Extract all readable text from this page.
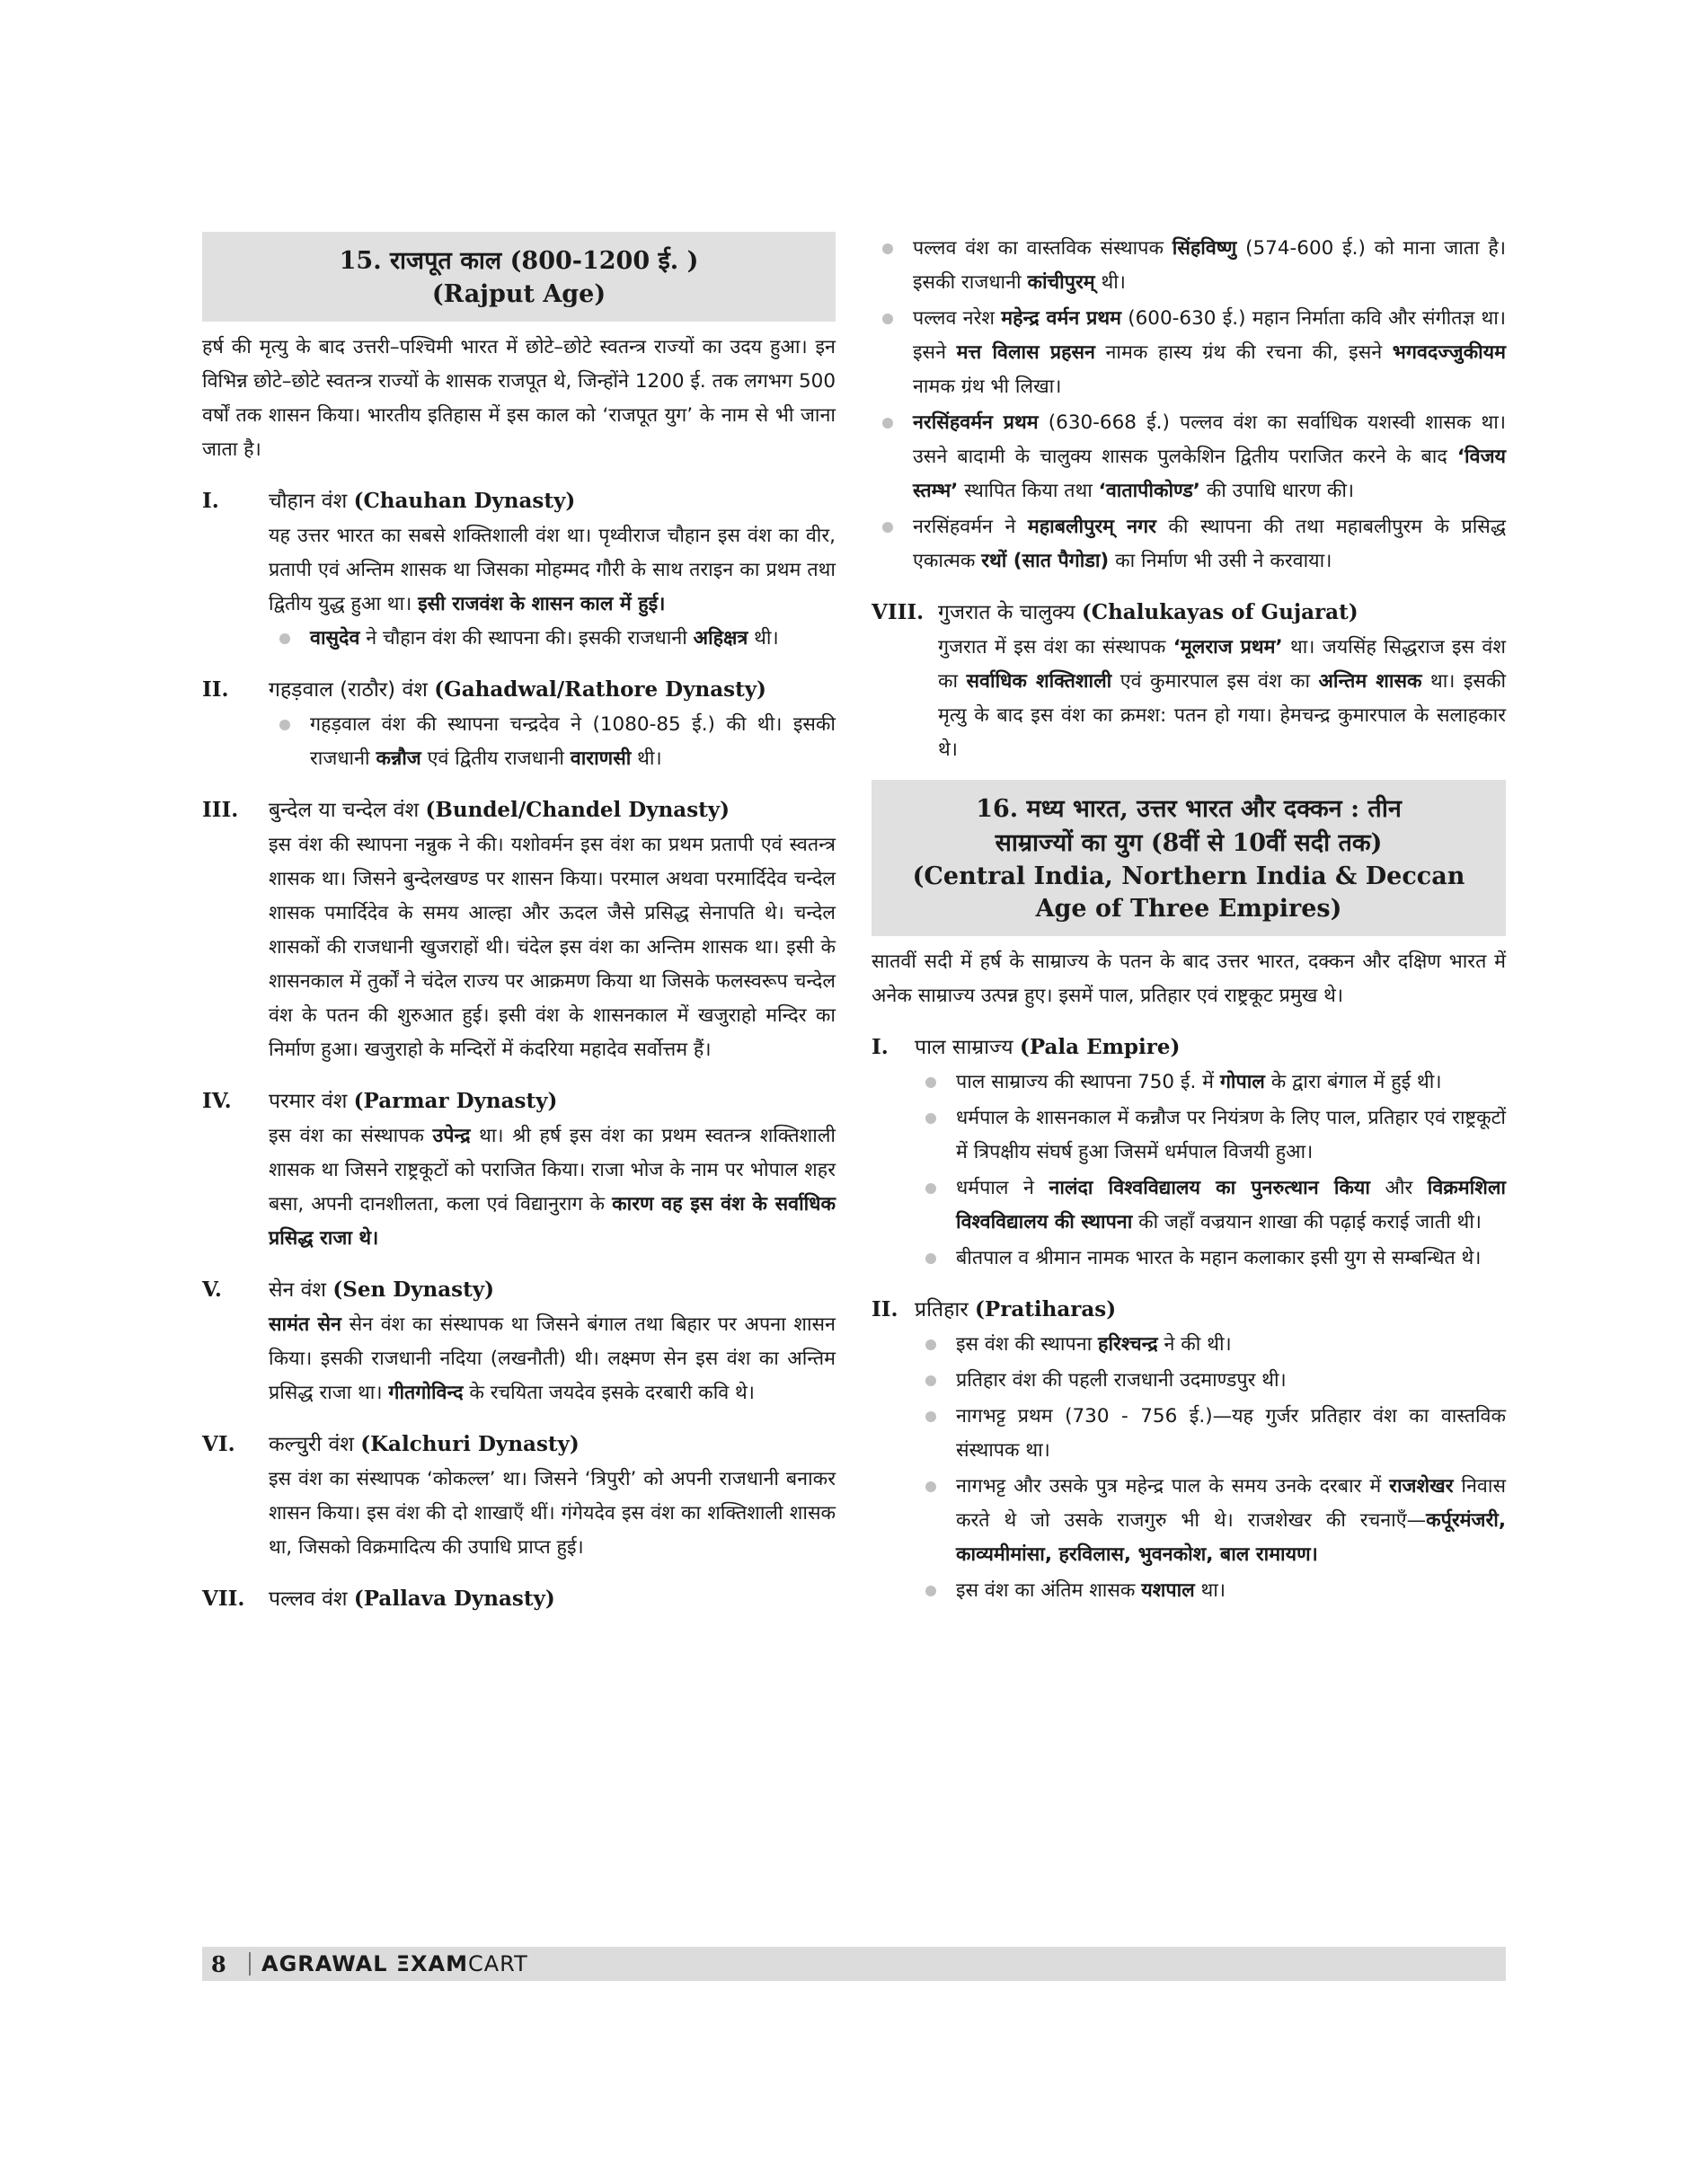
15. राजपूत काल (800-1200 ई. )
(Rajput Age)

हर्ष की मृत्यु के बाद उत्तरी–पश्चिमी भारत में छोटे–छोटे स्वतन्त्र राज्यों का उदय हुआ। इन विभिन्न छोटे–छोटे स्वतन्त्र राज्यों के शासक राजपूत थे, जिन्होंने 1200 ई. तक लगभग 500 वर्षों तक शासन किया। भारतीय इतिहास में इस काल को ‘राजपूत युग’ के नाम से भी जाना जाता है।

I.	चौहान वंश (Chauhan Dynasty)

यह उत्तर भारत का सबसे शक्तिशाली वंश था। पृथ्वीराज चौहान इस वंश का वीर, प्रतापी एवं अन्तिम शासक था जिसका मोहम्मद गौरी के साथ तराइन का प्रथम तथा द्वितीय युद्ध हुआ था। इसी राजवंश के शासन काल में हुई।

वासुदेव ने चौहान वंश की स्थापना की। इसकी राजधानी अहिक्षत्र थी।
II.	गहड़वाल (राठौर) वंश (Gahadwal/Rathore Dynasty)
गहड़वाल वंश की स्थापना चन्द्रदेव ने (1080-85 ई.) की थी। इसकी राजधानी कन्नौज एवं द्वितीय राजधानी वाराणसी थी।
III.	बुन्देल या चन्देल वंश (Bundel/Chandel Dynasty)

इस वंश की स्थापना नन्नुक ने की। यशोवर्मन इस वंश का प्रथम प्रतापी एवं स्वतन्त्र शासक था। जिसने बुन्देलखण्ड पर शासन किया। परमाल अथवा परमार्दिदेव चन्देल शासक पमार्दिदेव के समय आल्हा और ऊदल जैसे प्रसिद्ध सेनापति थे। चन्देल शासकों की राजधानी खुजराहों थी। चंदेल इस वंश का अन्तिम शासक था। इसी के शासनकाल में तुर्कों ने चंदेल राज्य पर आक्रमण किया था जिसके फलस्वरूप चन्देल वंश के पतन की शुरुआत हुई। इसी वंश के शासनकाल में खजुराहो मन्दिर का निर्माण हुआ। खजुराहो के मन्दिरों में कंदरिया महादेव सर्वोत्तम हैं।

IV.	परमार वंश (Parmar Dynasty)

इस वंश का संस्थापक उपेन्द्र था। श्री हर्ष इस वंश का प्रथम स्वतन्त्र शक्तिशाली शासक था जिसने राष्ट्रकूटों को पराजित किया। राजा भोज के नाम पर भोपाल शहर बसा, अपनी दानशीलता, कला एवं विद्यानुराग के कारण वह इस वंश के सर्वाधिक प्रसिद्ध राजा थे।

V.	सेन वंश (Sen Dynasty)

सामंत सेन सेन वंश का संस्थापक था जिसने बंगाल तथा बिहार पर अपना शासन किया। इसकी राजधानी नदिया (लखनौती) थी। लक्ष्मण सेन इस वंश का अन्तिम प्रसिद्ध राजा था। गीतगोविन्द के रचयिता जयदेव इसके दरबारी कवि थे।

VI.	कल्चुरी वंश (Kalchuri Dynasty)

इस वंश का संस्थापक ‘कोकल्ल’ था। जिसने ‘त्रिपुरी’ को अपनी राजधानी बनाकर शासन किया। इस वंश की दो शाखाएँ थीं। गंगेयदेव इस वंश का शक्तिशाली शासक था, जिसको विक्रमादित्य की उपाधि प्राप्त हुई।

VII.	पल्लव वंश (Pallava Dynasty)
पल्लव वंश का वास्तविक संस्थापक सिंहविष्णु (574-600 ई.) को माना जाता है। इसकी राजधानी कांचीपुरम् थी।
पल्लव नरेश महेन्द्र वर्मन प्रथम (600-630 ई.) महान निर्माता कवि और संगीतज्ञ था। इसने मत्त विलास प्रहसन नामक हास्य ग्रंथ की रचना की, इसने भगवदज्जुकीयम नामक ग्रंथ भी लिखा।
नरसिंहवर्मन प्रथम (630-668 ई.) पल्लव वंश का सर्वाधिक यशस्वी शासक था। उसने बादामी के चालुक्य शासक पुलकेशिन द्वितीय पराजित करने के बाद ‘विजय स्तम्भ’ स्थापित किया तथा ‘वातापीकोण्ड’ की उपाधि धारण की।
नरसिंहवर्मन ने महाबलीपुरम् नगर की स्थापना की तथा महाबलीपुरम के प्रसिद्ध एकात्मक रथों (सात पैगोडा) का निर्माण भी उसी ने करवाया।
VIII. गुजरात के चालुक्य (Chalukayas of Gujarat)

गुजरात में इस वंश का संस्थापक ‘मूलराज प्रथम’ था। जयसिंह सिद्धराज इस वंश का सर्वाधिक शक्तिशाली एवं कुमारपाल इस वंश का अन्तिम शासक था। इसकी मृत्यु के बाद इस वंश का क्रमश: पतन हो गया। हेमचन्द्र कुमारपाल के सलाहकार थे।

16. मध्य भारत, उत्तर भारत और दक्कन : तीन
साम्राज्यों का युग (8वीं से 10वीं सदी तक)
(Central India, Northern India & Deccan
Age of Three Empires)

सातवीं सदी में हर्ष के साम्राज्य के पतन के बाद उत्तर भारत, दक्कन और दक्षिण भारत में अनेक साम्राज्य उत्पन्न हुए। इसमें पाल, प्रतिहार एवं राष्ट्रकूट प्रमुख थे।

I.	पाल साम्राज्य (Pala Empire)
पाल साम्राज्य की स्थापना 750 ई. में गोपाल के द्वारा बंगाल में हुई थी।
धर्मपाल के शासनकाल में कन्नौज पर नियंत्रण के लिए पाल, प्रतिहार एवं राष्ट्रकूटों में त्रिपक्षीय संघर्ष हुआ जिसमें धर्मपाल विजयी हुआ।
धर्मपाल ने नालंदा विश्वविद्यालय का पुनरुत्थान किया और विक्रमशिला विश्वविद्यालय की स्थापना की जहाँ वज्रयान शाखा की पढ़ाई कराई जाती थी।
बीतपाल व श्रीमान नामक भारत के महान कलाकार इसी युग से सम्बन्धित थे।
II. प्रतिहार (Pratiharas)
इस वंश की स्थापना हरिश्चन्द्र ने की थी।
प्रतिहार वंश की पहली राजधानी उदमाण्डपुर थी।
नागभट्ट प्रथम (730 - 756 ई.)—यह गुर्जर प्रतिहार वंश का वास्तविक संस्थापक था।
नागभट्ट और उसके पुत्र महेन्द्र पाल के समय उनके दरबार में राजशेखर निवास करते थे जो उसके राजगुरु भी थे। राजशेखर की रचनाएँ—कर्पूरमंजरी, काव्यमीमांसा, हरविलास, भुवनकोश, बाल रामायण।
इस वंश का अंतिम शासक यशपाल था।
8	AGRAWAL ΞXAMCART
